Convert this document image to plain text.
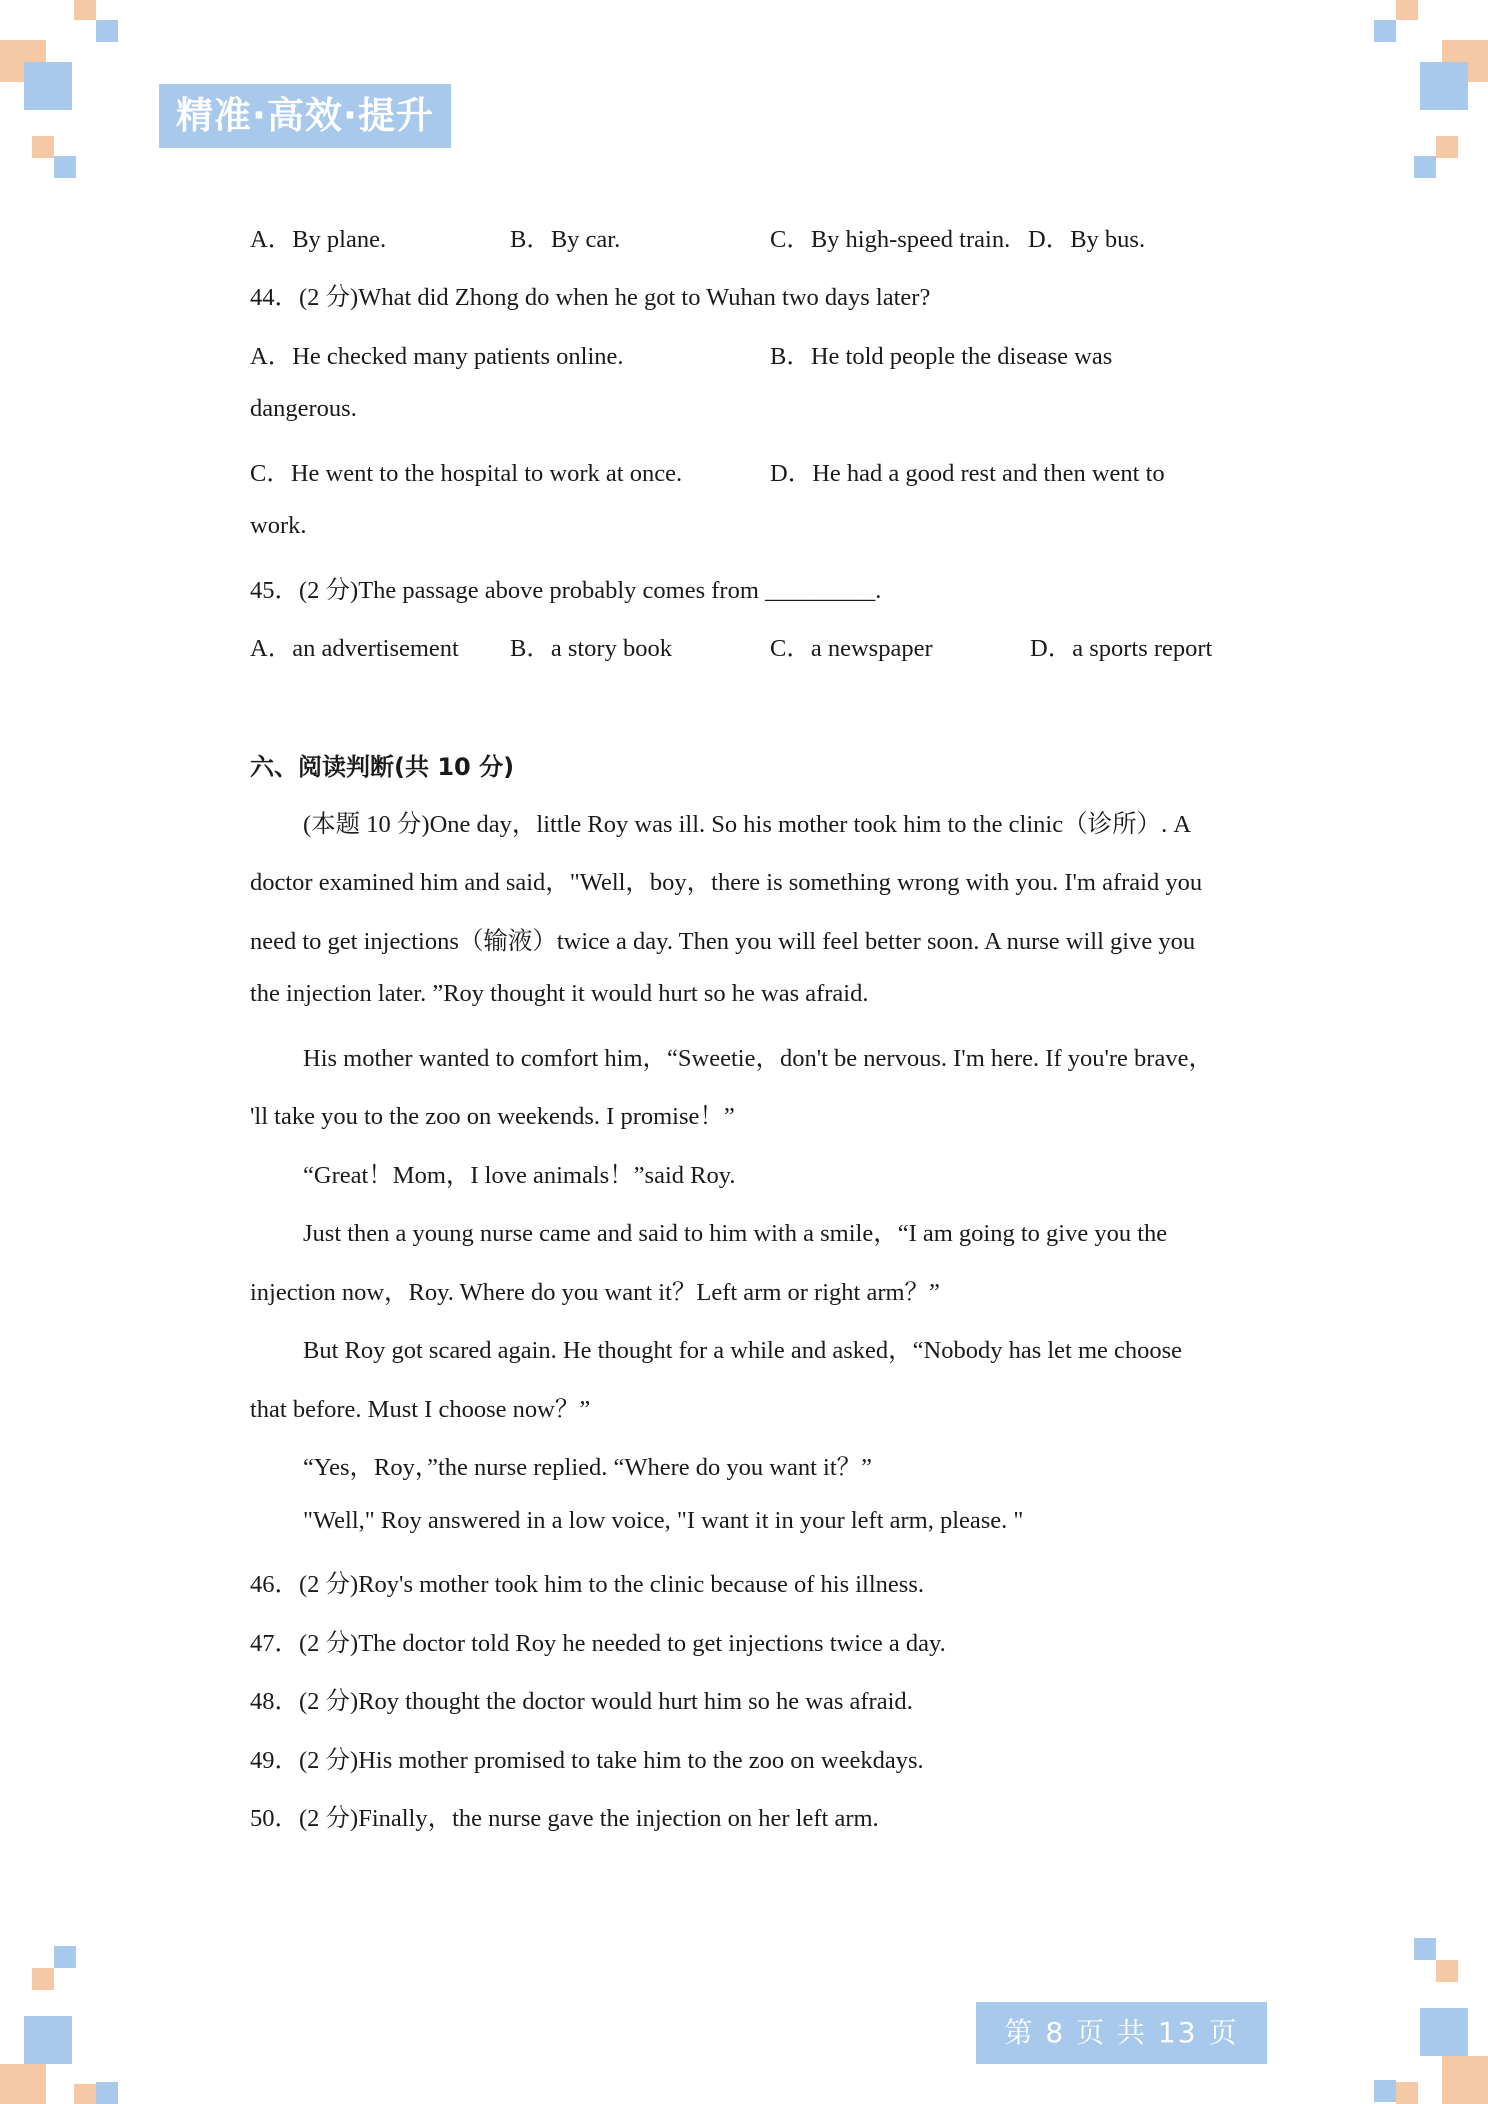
精准·高效·提升
A．By plane.	B．By car.	C．By high-speed train. D．By bus.
44．(2 分)What did Zhong do when he got to Wuhan two days later?
A．He checked many patients online.	B．He told people the disease was
dangerous.
C．He went to the hospital to work at once.	D．He had a good rest and then went to
work.
45．(2 分)The passage above probably comes from _________.
A．an advertisement B．a story book	C．a newspaper	D．a sports report
六、阅读判断(共 10 分)
(本题 10 分)One day，little Roy was ill. So his mother took him to the clinic（诊所）. A
doctor examined him and said，"Well，boy，there is something wrong with you. I'm afraid you
need to get injections（输液）twice a day. Then you will feel better soon. A nurse will give you
the injection later. ”Roy thought it would hurt so he was afraid.
His mother wanted to comfort him，“Sweetie，don't be nervous. I'm here. If you're brave，
'll take you to the zoo on weekends. I promise！”
“Great！Mom，I love animals！”said Roy.
Just then a young nurse came and said to him with a smile，“I am going to give you the
injection now，Roy. Where do you want it？Left arm or right arm？”
But Roy got scared again. He thought for a while and asked，“Nobody has let me choose
that before. Must I choose now？”
“Yes，Roy，”the nurse replied. “Where do you want it？”
"Well," Roy answered in a low voice, "I want it in your left arm, please. "
46．(2 分)Roy's mother took him to the clinic because of his illness.
47．(2 分)The doctor told Roy he needed to get injections twice a day.
48．(2 分)Roy thought the doctor would hurt him so he was afraid.
49．(2 分)His mother promised to take him to the zoo on weekdays.
50．(2 分)Finally，the nurse gave the injection on her left arm.
第 8 页 共 13 页
